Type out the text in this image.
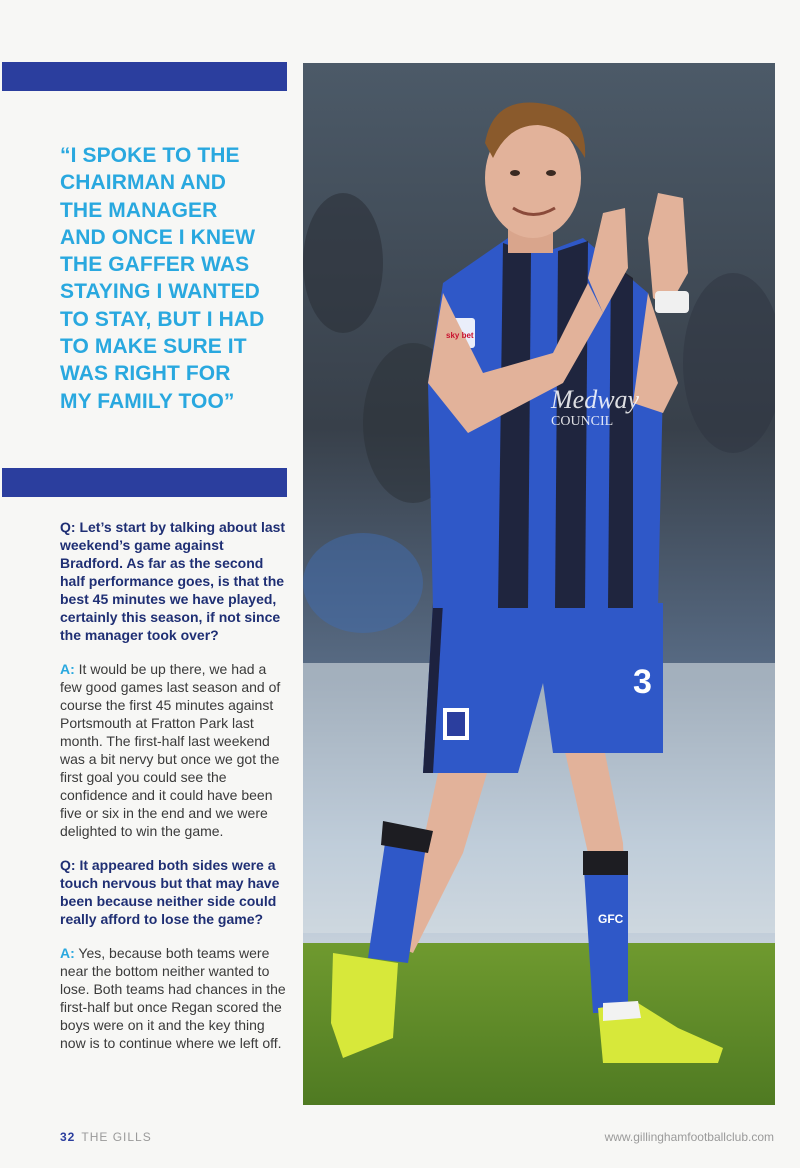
“I SPOKE TO THE
CHAIRMAN AND
THE MANAGER
AND ONCE I KNEW
THE GAFFER WAS
STAYING I WANTED
TO STAY, BUT I HAD
TO MAKE SURE IT
WAS RIGHT FOR
MY FAMILY TOO”
Q: Let’s start by talking about last weekend’s game against Bradford. As far as the second half performance goes, is that the best 45 minutes we have played, certainly this season, if not since the manager took over?
A: It would be up there, we had a few good games last season and of course the first 45 minutes against Portsmouth at Fratton Park last month. The first-half last weekend was a bit nervy but once we got the first goal you could see the confidence and it could have been five or six in the end and we were delighted to win the game.
Q: It appeared both sides were a touch nervous but that may have been because neither side could really afford to lose the game?
A: Yes, because both teams were near the bottom neither wanted to lose. Both teams had chances in the first-half but once Regan scored the boys were on it and the key thing now is to continue where we left off.
Medway
COUNCIL
sky bet
3
GFC
32 THE GILLS	www.gillinghamfootballclub.com
